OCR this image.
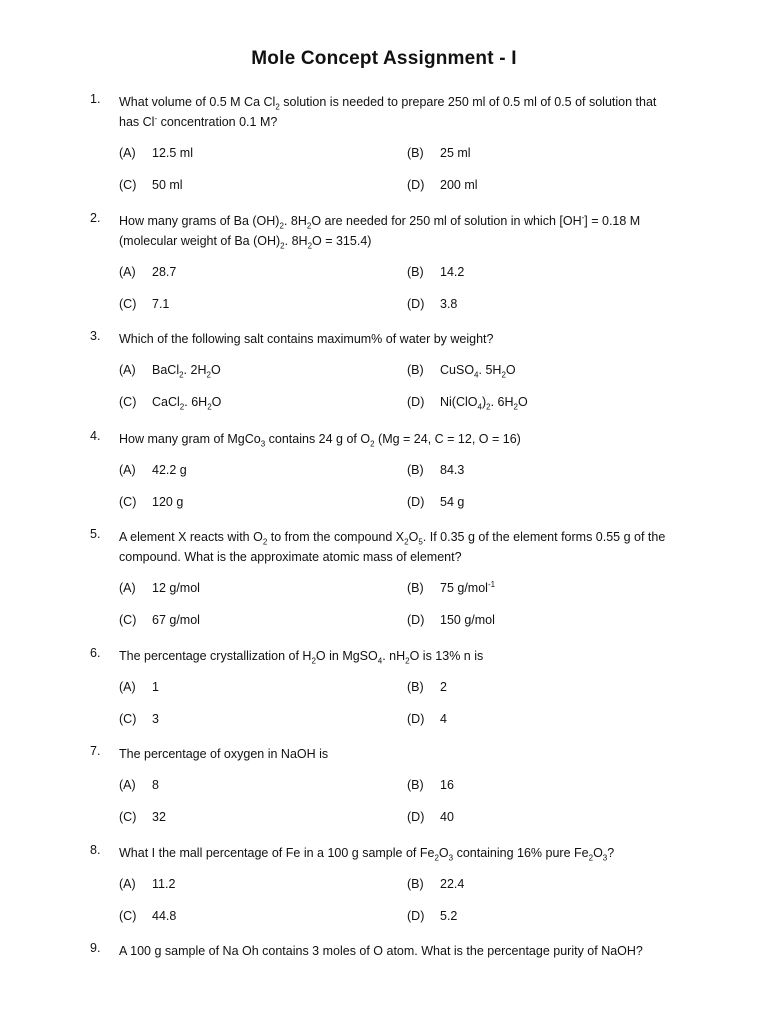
Mole Concept Assignment - I
1.	What volume of 0.5 M Ca $Cl_2$ solution is needed to prepare 250 ml of 0.5 ml of 0.5 of solution that
has Cl- concentration 0.1 M?
(A) 12.5 ml	(B) 25 ml
(C) 50 ml	(D) 200 ml
2.	How many grams of Ba $(OH)_2$. $8H_2O$ are needed for 250 ml of solution in which [OH-] = 0.18 M
(molecular weight of Ba $(OH)_2$. $8H_2O = 315.4$)
(A) 28.7	(B) 14.2
(C) 7.1	(D) 3.8
3.	Which of the following salt contains maximum% of water by weight?
(A) BaCl$_2$. $2H_2O$	(B) CuSO$_4$. $5H_2O$
(C) CaCl$_2$. $6H_2O$	(D) $Ni(ClO_4)_2$. $6H_2O$
4.	How many gram of MgCo$_3$ contains 24 g of $O_2$ (Mg = 24, C = 12, O = 16)
(A) 42.2 g	(B) 84.3
(C) 120 g	(D) 54 g
5.	A element X reacts with $O_2$ to from the compound $X_2O_5$. If 0.35 g of the element forms 0.55 g of the
compound. What is the approximate atomic mass of element?
(A) 12 g/mol	(B) 75 g/mol$^{-1}$
(C) 67 g/mol	(D) 150 g/mol
6.	The percentage crystallization of $H_2O$ in MgSO$_4$. $nH_2O$ is 13% n is
(A) 1	(B) 2
(C) 3	(D) 4
7.	The percentage of oxygen in NaOH is
(A) 8	(B) 16
(C) 32	(D) 40
8.	What I the mall percentage of Fe in a 100 g sample of $Fe_2O_3$ containing 16% pure $Fe_2O_3$?
(A) 11.2	(B) 22.4
(C) 44.8	(D) 5.2
9.	A 100 g sample of Na Oh contains 3 moles of O atom. What is the percentage purity of NaOH?
